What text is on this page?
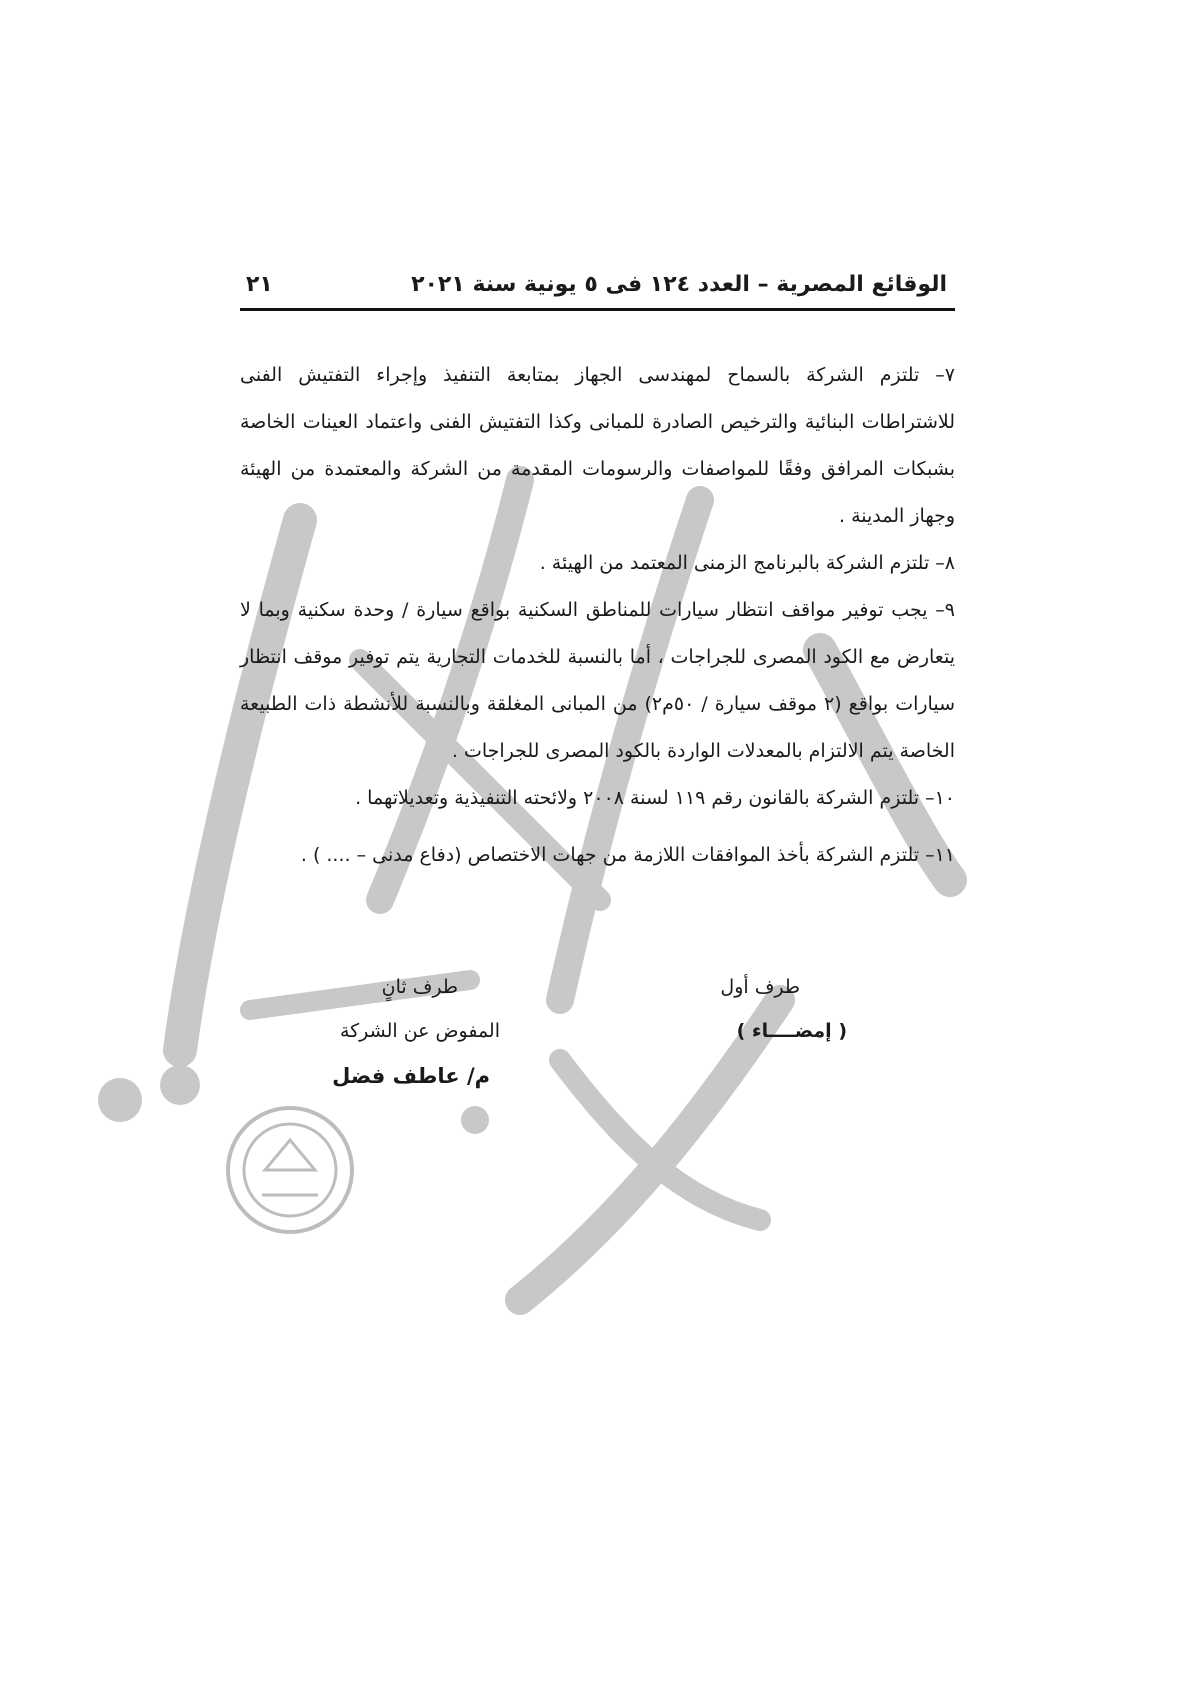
الوقائع المصرية – العدد ١٢٤ فى ٥ يونية سنة ٢٠٢١
٢١

٧– تلتزم الشركة بالسماح لمهندسى الجهاز بمتابعة التنفيذ وإجراء التفتيش الفنى للاشتراطات البنائية والترخيص الصادرة للمبانى وكذا التفتيش الفنى واعتماد العينات الخاصة بشبكات المرافق وفقًا للمواصفات والرسومات المقدمة من الشركة والمعتمدة من الهيئة وجهاز المدينة .

٨– تلتزم الشركة بالبرنامج الزمنى المعتمد من الهيئة .

٩– يجب توفير مواقف انتظار سيارات للمناطق السكنية بواقع سيارة / وحدة سكنية وبما لا يتعارض مع الكود المصرى للجراجات ، أما بالنسبة للخدمات التجارية يتم توفير موقف انتظار سيارات بواقع (٢ موقف سيارة / ٥٠م٢) من المبانى المغلقة وبالنسبة للأنشطة ذات الطبيعة الخاصة يتم الالتزام بالمعدلات الواردة بالكود المصرى للجراجات .

١٠– تلتزم الشركة بالقانون رقم ١١٩ لسنة ٢٠٠٨ ولائحته التنفيذية وتعديلاتهما .

١١– تلتزم الشركة بأخذ الموافقات اللازمة من جهات الاختصاص (دفاع مدنى – .... ) .

طرف أول
( إمضــــاء )
طرف ثانٍ
المفوض عن الشركة
م/ عاطف فضل
